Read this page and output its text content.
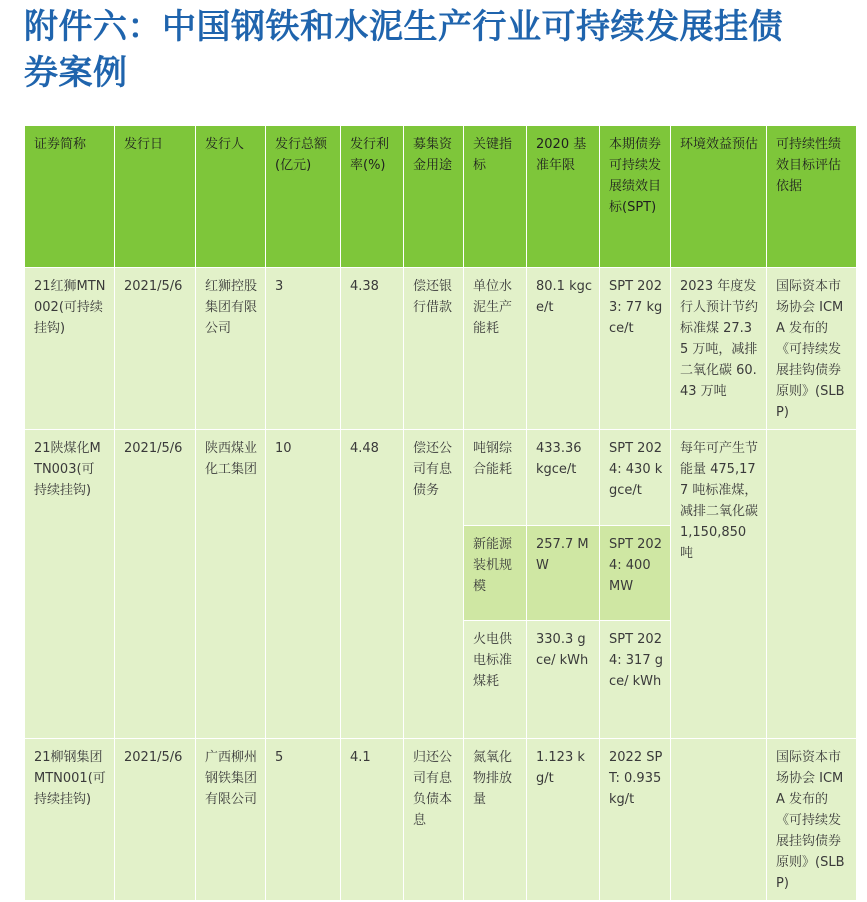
附件六：中国钢铁和水泥生产行业可持续发展挂债
券案例
证券简称	发行日	发行人	发行总额(亿元)	发行利率(%)	募集资金用途	关键指标	2020 基准年限	本期债券可持续发展绩效目标(SPT)	环境效益预估	可持续性绩效目标评估依据
21红狮MTN002(可持续挂钩)	2021/5/6	红狮控股集团有限公司	3	4.38	偿还银行借款	单位水泥生产能耗	80.1 kgce/t	SPT 2023: 77 kgce/t	2023 年度发行人预计节约标准煤 27.35 万吨，减排二氧化碳 60.43 万吨	国际资本市场协会 ICMA 发布的《可持续发展挂钩债券原则》(SLBP)
21陕煤化MTN003(可持续挂钩)	2021/5/6	陕西煤业化工集团	10	4.48	偿还公司有息债务	吨钢综合能耗	433.36 kgce/t	SPT 2024: 430 kgce/t	每年可产生节能量 475,177 吨标准煤，减排二氧化碳 1,150,850 吨	
						新能源装机规模	257.7 MW	SPT 2024: 400 MW		
						火电供电标准煤耗	330.3 gce/ kWh	SPT 2024: 317 gce/ kWh		
21柳钢集团MTN001(可持续挂钩)	2021/5/6	广西柳州钢铁集团有限公司	5	4.1	归还公司有息负债本息	氮氧化物排放量	1.123 kg/t	2022 SPT: 0.935 kg/t		国际资本市场协会 ICMA 发布的《可持续发展挂钩债券原则》(SLBP)
